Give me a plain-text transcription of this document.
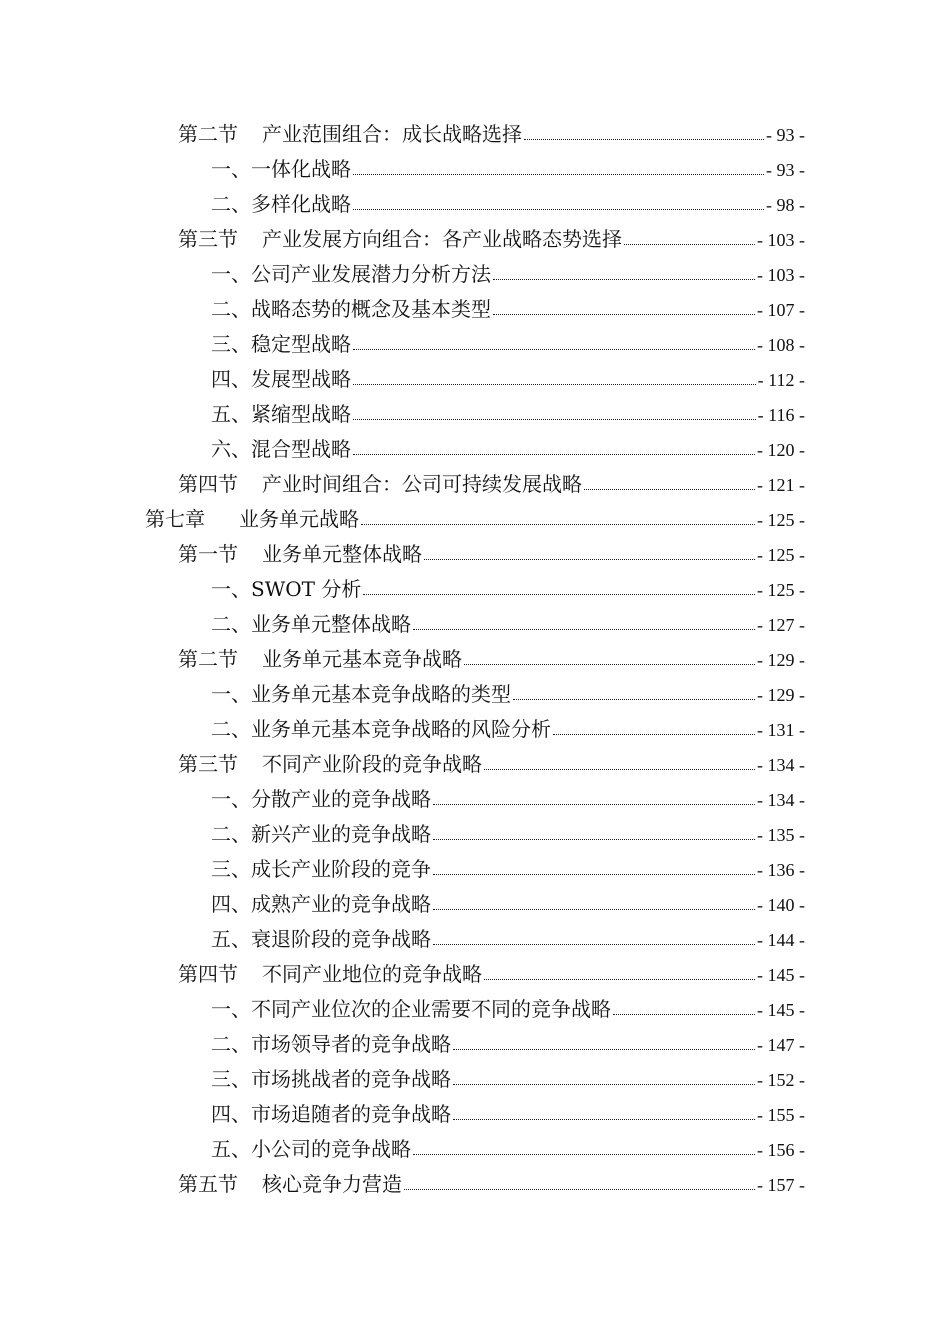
第二节 产业范围组合：成长战略选择	- 93 -
一、 一体化战略	- 93 -
二、 多样化战略	- 98 -
第三节 产业发展方向组合：各产业战略态势选择	- 103 -
一、 公司产业发展潜力分析方法	- 103 -
二、 战略态势的概念及基本类型	- 107 -
三、 稳定型战略	- 108 -
四、 发展型战略	- 112 -
五、 紧缩型战略	- 116 -
六、 混合型战略	- 120 -
第四节 产业时间组合：公司可持续发展战略	- 121 -
第七章 业务单元战略	- 125 -
第一节 业务单元整体战略	- 125 -
一、 SWOT 分析	- 125 -
二、 业务单元整体战略	- 127 -
第二节 业务单元基本竞争战略	- 129 -
一、 业务单元基本竞争战略的类型	- 129 -
二、 业务单元基本竞争战略的风险分析	- 131 -
第三节 不同产业阶段的竞争战略	- 134 -
一、 分散产业的竞争战略	- 134 -
二、 新兴产业的竞争战略	- 135 -
三、 成长产业阶段的竞争	- 136 -
四、 成熟产业的竞争战略	- 140 -
五、 衰退阶段的竞争战略	- 144 -
第四节 不同产业地位的竞争战略	- 145 -
一、 不同产业位次的企业需要不同的竞争战略	- 145 -
二、 市场领导者的竞争战略	- 147 -
三、 市场挑战者的竞争战略	- 152 -
四、 市场追随者的竞争战略	- 155 -
五、 小公司的竞争战略	- 156 -
第五节 核心竞争力营造	- 157 -
